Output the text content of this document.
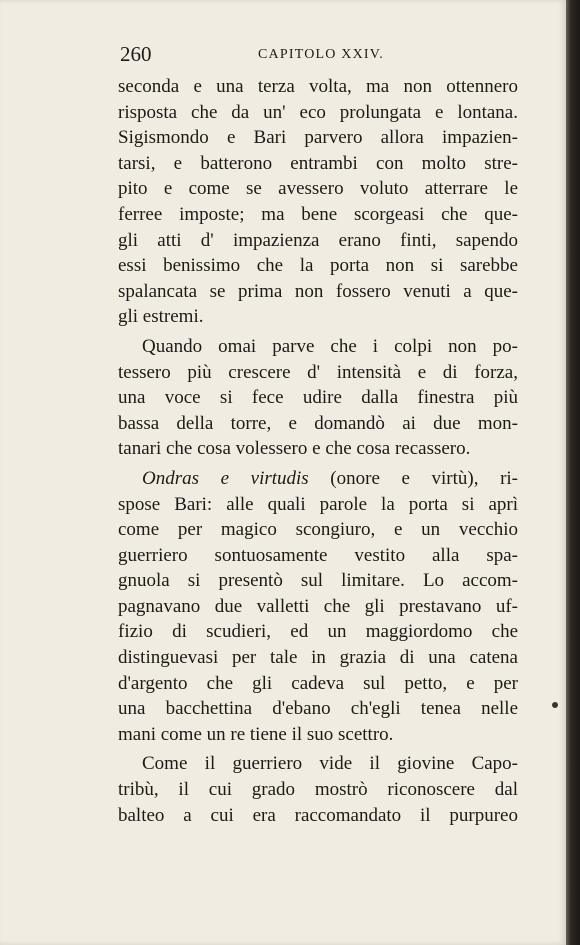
260	CAPITOLO XXIV.
seconda e una terza volta, ma non ottennero
risposta che da un' eco prolungata e lontana.
Sigismondo e Bari parvero allora impazien-
tarsi, e batterono entrambi con molto stre-
pito e come se avessero voluto atterrare le
ferree imposte; ma bene scorgeasi che que-
gli atti d' impazienza erano finti, sapendo
essi benissimo che la porta non si sarebbe
spalancata se prima non fossero venuti a que-
gli estremi.
Quando omai parve che i colpi non po-
tessero più crescere d' intensità e di forza,
una voce si fece udire dalla finestra più
bassa della torre, e domandò ai due mon-
tanari che cosa volessero e che cosa recassero.
Ondras e virtudis (onore e virtù), ri-
spose Bari: alle quali parole la porta si aprì
come per magico scongiuro, e un vecchio
guerriero sontuosamente vestito alla spa-
gnuola si presentò sul limitare. Lo accom-
pagnavano due valletti che gli prestavano uf-
fizio di scudieri, ed un maggiordomo che
distinguevasi per tale in grazia di una catena
d'argento che gli cadeva sul petto, e per
una bacchettina d'ebano ch'egli tenea nelle
mani come un re tiene il suo scettro.
Come il guerriero vide il giovine Capo-
tribù, il cui grado mostrò riconoscere dal
balteo a cui era raccomandato il purpureo
